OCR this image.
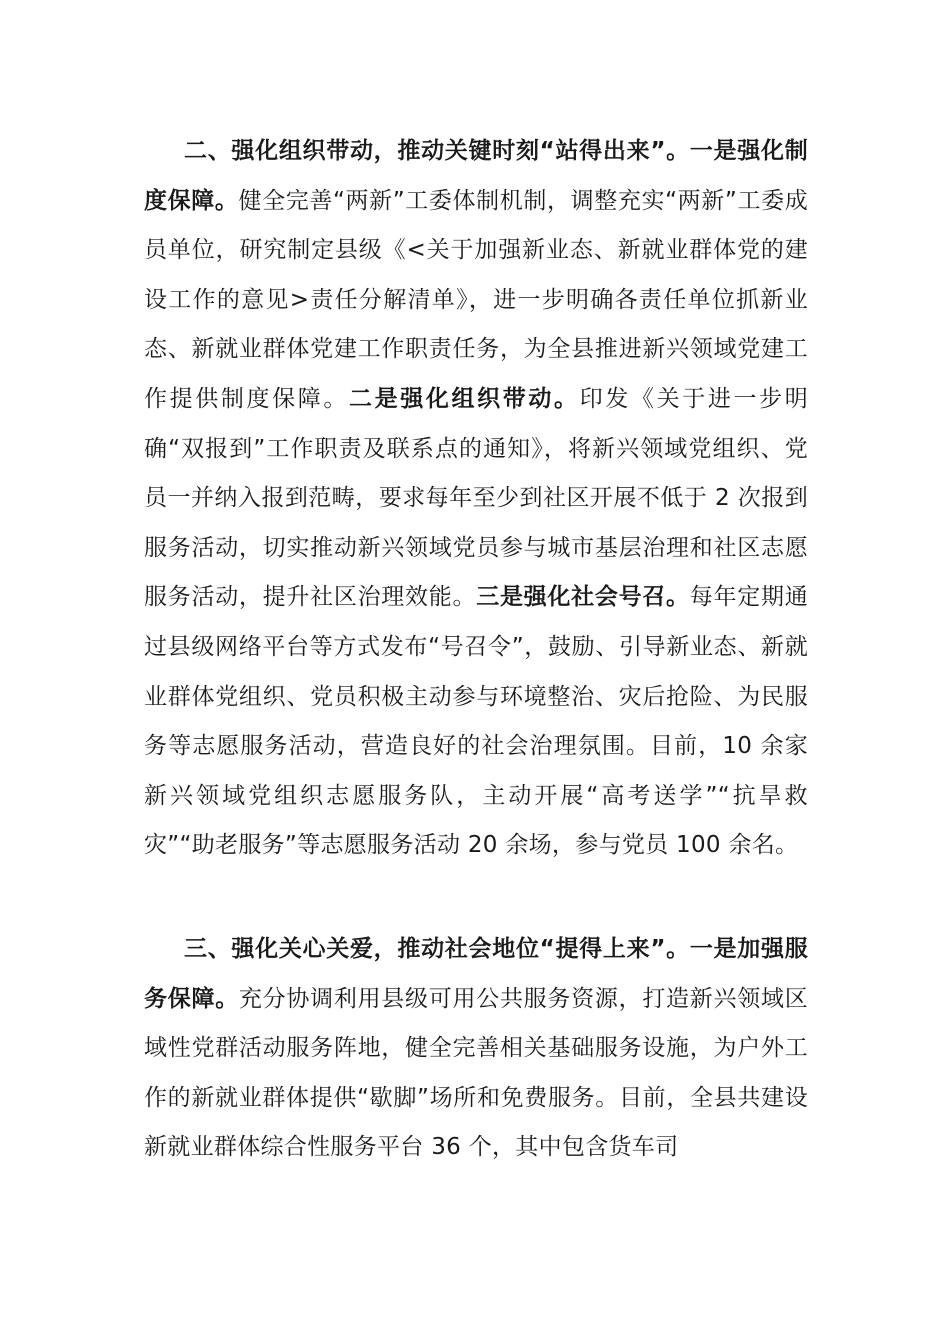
二、强化组织带动，推动关键时刻“站得出来”。一是强化制度保障。健全完善“两新”工委体制机制，调整充实“两新”工委成员单位，研究制定县级《<关于加强新业态、新就业群体党的建设工作的意见>责任分解清单》，进一步明确各责任单位抓新业态、新就业群体党建工作职责任务，为全县推进新兴领域党建工作提供制度保障。二是强化组织带动。印发《关于进一步明确“双报到”工作职责及联系点的通知》，将新兴领域党组织、党员一并纳入报到范畴，要求每年至少到社区开展不低于 2 次报到服务活动，切实推动新兴领域党员参与城市基层治理和社区志愿服务活动，提升社区治理效能。三是强化社会号召。每年定期通过县级网络平台等方式发布“号召令”，鼓励、引导新业态、新就业群体党组织、党员积极主动参与环境整治、灾后抢险、为民服务等志愿服务活动，营造良好的社会治理氛围。目前，10 余家新兴领域党组织志愿服务队，主动开展“高考送学”“抗旱救灾”“助老服务”等志愿服务活动 20 余场，参与党员 100 余名。

三、强化关心关爱，推动社会地位“提得上来”。一是加强服务保障。充分协调利用县级可用公共服务资源，打造新兴领域区域性党群活动服务阵地，健全完善相关基础服务设施，为户外工作的新就业群体提供“歇脚”场所和免费服务。目前，全县共建设新就业群体综合性服务平台 36 个，其中包含货车司
